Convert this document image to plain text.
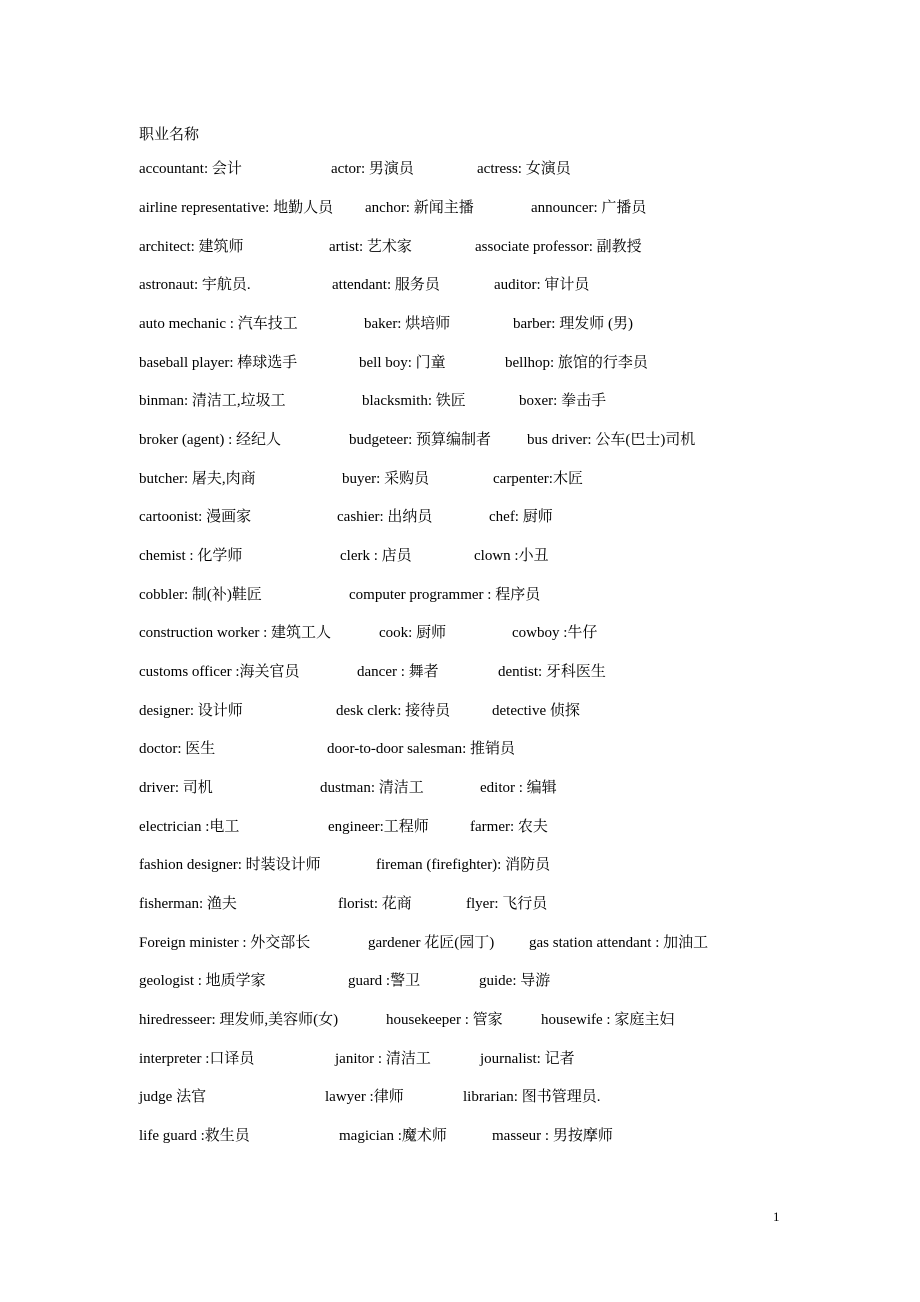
职业名称
accountant: 会计	actor: 男演员	actress: 女演员
airline representative: 地勤人员 anchor: 新闻主播	announcer: 广播员
architect: 建筑师	artist: 艺术家	associate professor: 副教授
astronaut: 宇航员.	attendant: 服务员	auditor: 审计员
auto mechanic : 汽车技工	baker: 烘培师	barber: 理发师 (男)
baseball player: 棒球选手	bell boy: 门童	bellhop: 旅馆的行李员
binman: 清洁工,垃圾工	blacksmith: 铁匠	boxer: 拳击手
broker (agent) : 经纪人	budgeteer: 预算编制者 bus driver: 公车(巴士)司机
butcher: 屠夫,肉商	buyer: 采购员	carpenter:木匠
cartoonist: 漫画家	cashier: 出纳员	chef: 厨师
chemist : 化学师	clerk : 店员	clown :小丑
cobbler: 制(补)鞋匠	computer programmer : 程序员
construction worker : 建筑工人	cook: 厨师	cowboy :牛仔
customs officer :海关官员	dancer : 舞者	dentist: 牙科医生
designer: 设计师	desk clerk: 接待员	detective 侦探
doctor: 医生	door-to-door salesman: 推销员
driver: 司机	dustman: 清洁工	editor : 编辑
electrician :电工	engineer:工程师	farmer: 农夫
fashion designer: 时装设计师	fireman (firefighter): 消防员
fisherman: 渔夫	florist: 花商	flyer: 飞行员
Foreign minister : 外交部长	gardener 花匠(园丁) gas station attendant : 加油工
geologist : 地质学家	guard :警卫	guide: 导游
hiredresseer: 理发师,美容师(女)	housekeeper : 管家	housewife : 家庭主妇
interpreter :口译员	janitor : 清洁工	journalist: 记者
judge 法官	lawyer :律师	librarian: 图书管理员.
life guard :救生员	magician :魔术师	masseur : 男按摩师
1
